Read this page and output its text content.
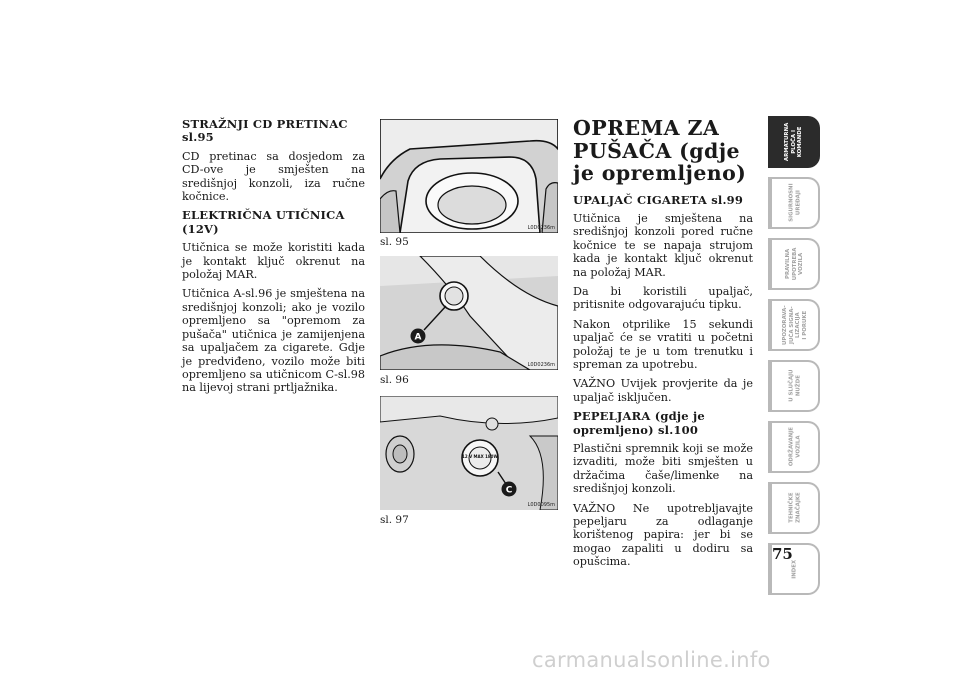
STRAŽNJI CD PRETINAC sl.95

CD pretinac sa dosjedom za CD-ove je smješten na središnjoj konzoli, iza ručne kočnice.

ELEKTRIČNA UTIČNICA (12V)

Utičnica se može koristiti kada je kontakt ključ okrenut na položaj MAR.

Utičnica A-sl.96 je smještena na središnjoj konzoli; ako je vozilo opremljeno sa "opremom za pušača" utičnica je zamijenjena sa upaljačem za cigarete. Gdje je predviđeno, vozilo može biti opremljeno sa utičnicom C-sl.98 na lijevoj strani prtljažnika.

L0D0236m
sl. 95
A
L0D0236m
sl. 96
12 V MAX 180W
C
L0D0095m
sl. 97
OPREMA ZA PUŠAČA (gdje je opremljeno)
UPALJAČ CIGARETA sl.99

Utičnica je smještena na središnjoj konzoli pored ručne kočnice te se napaja strujom kada je kontakt ključ okrenut na položaj MAR.

Da bi koristili upaljač, pritisnite odgovarajuću tipku.

Nakon otprilike 15 sekundi upaljač će se vratiti u početni položaj te je u tom trenutku i spreman za upotrebu.

VAŽNO Uvijek provjerite da je upaljač isključen.

PEPELJARA (gdje je opremljeno) sl.100

Plastični spremnik koji se može izvaditi, može biti smješten u držačima čaše/limenke na središnjoj konzoli.

VAŽNO Ne upotrebljavajte pepeljaru za odlaganje korištenog papira: jer bi se mogao zapaliti u dodiru sa opušcima.

ARMATURNA
PLOČA I
KOMANDE
SIGURNOSNI
UREĐAJI
PRAVILNA
UPOTREBA
VOZILA
UPOZORAVA-
JUĆA SIGNA-
LIZACIJA
I PORUKE
U SLUČAJU
NUŽDE
ODRŽAVANJE
VOZILA
TEHNIČKE
ZNAČAJKE
INDEX
75
carmanualsonline.info
